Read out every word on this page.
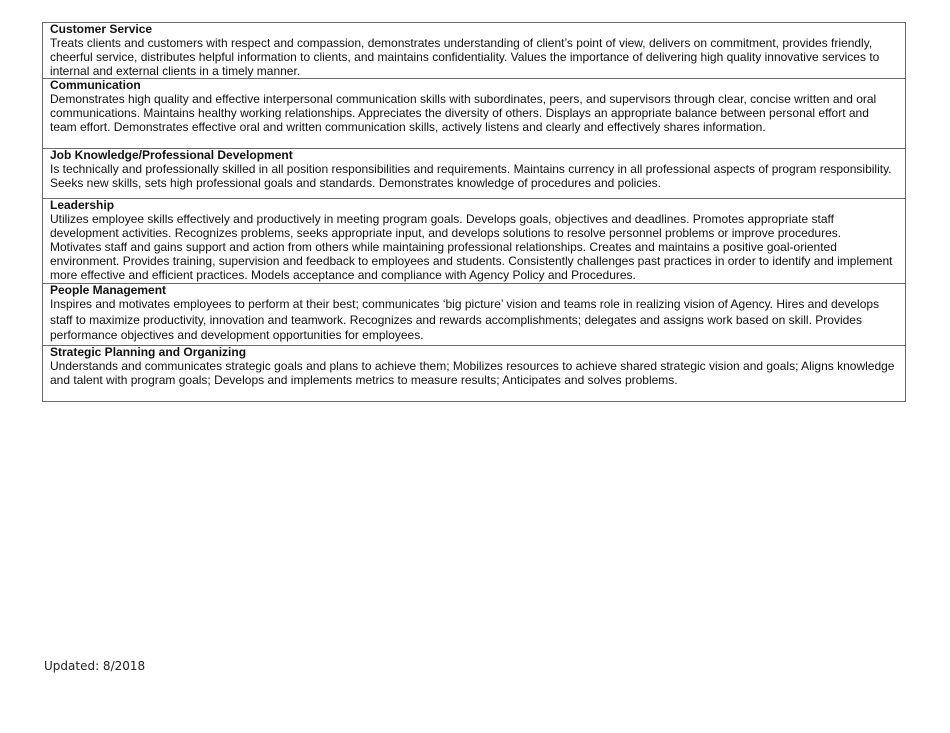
Customer Service

Treats clients and customers with respect and compassion, demonstrates understanding of client’s point of view, delivers on commitment, provides friendly, cheerful service, distributes helpful information to clients, and maintains confidentiality. Values the importance of delivering high quality innovative services to internal and external clients in a timely manner.

Communication

Demonstrates high quality and effective interpersonal communication skills with subordinates, peers, and supervisors through clear, concise written and oral communications. Maintains healthy working relationships. Appreciates the diversity of others. Displays an appropriate balance between personal effort and team effort. Demonstrates effective oral and written communication skills, actively listens and clearly and effectively shares information.

Job Knowledge/Professional Development

Is technically and professionally skilled in all position responsibilities and requirements. Maintains currency in all professional aspects of program responsibility. Seeks new skills, sets high professional goals and standards. Demonstrates knowledge of procedures and policies.

Leadership

Utilizes employee skills effectively and productively in meeting program goals. Develops goals, objectives and deadlines. Promotes appropriate staff development activities. Recognizes problems, seeks appropriate input, and develops solutions to resolve personnel problems or improve procedures. Motivates staff and gains support and action from others while maintaining professional relationships. Creates and maintains a positive goal-oriented environment. Provides training, supervision and feedback to employees and students. Consistently challenges past practices in order to identify and implement more effective and efficient practices. Models acceptance and compliance with Agency Policy and Procedures.

People Management

Inspires and motivates employees to perform at their best; communicates ‘big picture’ vision and teams role in realizing vision of Agency. Hires and develops staff to maximize productivity, innovation and teamwork. Recognizes and rewards accomplishments; delegates and assigns work based on skill. Provides performance objectives and development opportunities for employees.

Strategic Planning and Organizing

Understands and communicates strategic goals and plans to achieve them; Mobilizes resources to achieve shared strategic vision and goals; Aligns knowledge and talent with program goals; Develops and implements metrics to measure results; Anticipates and solves problems.

Updated: 8/2018
